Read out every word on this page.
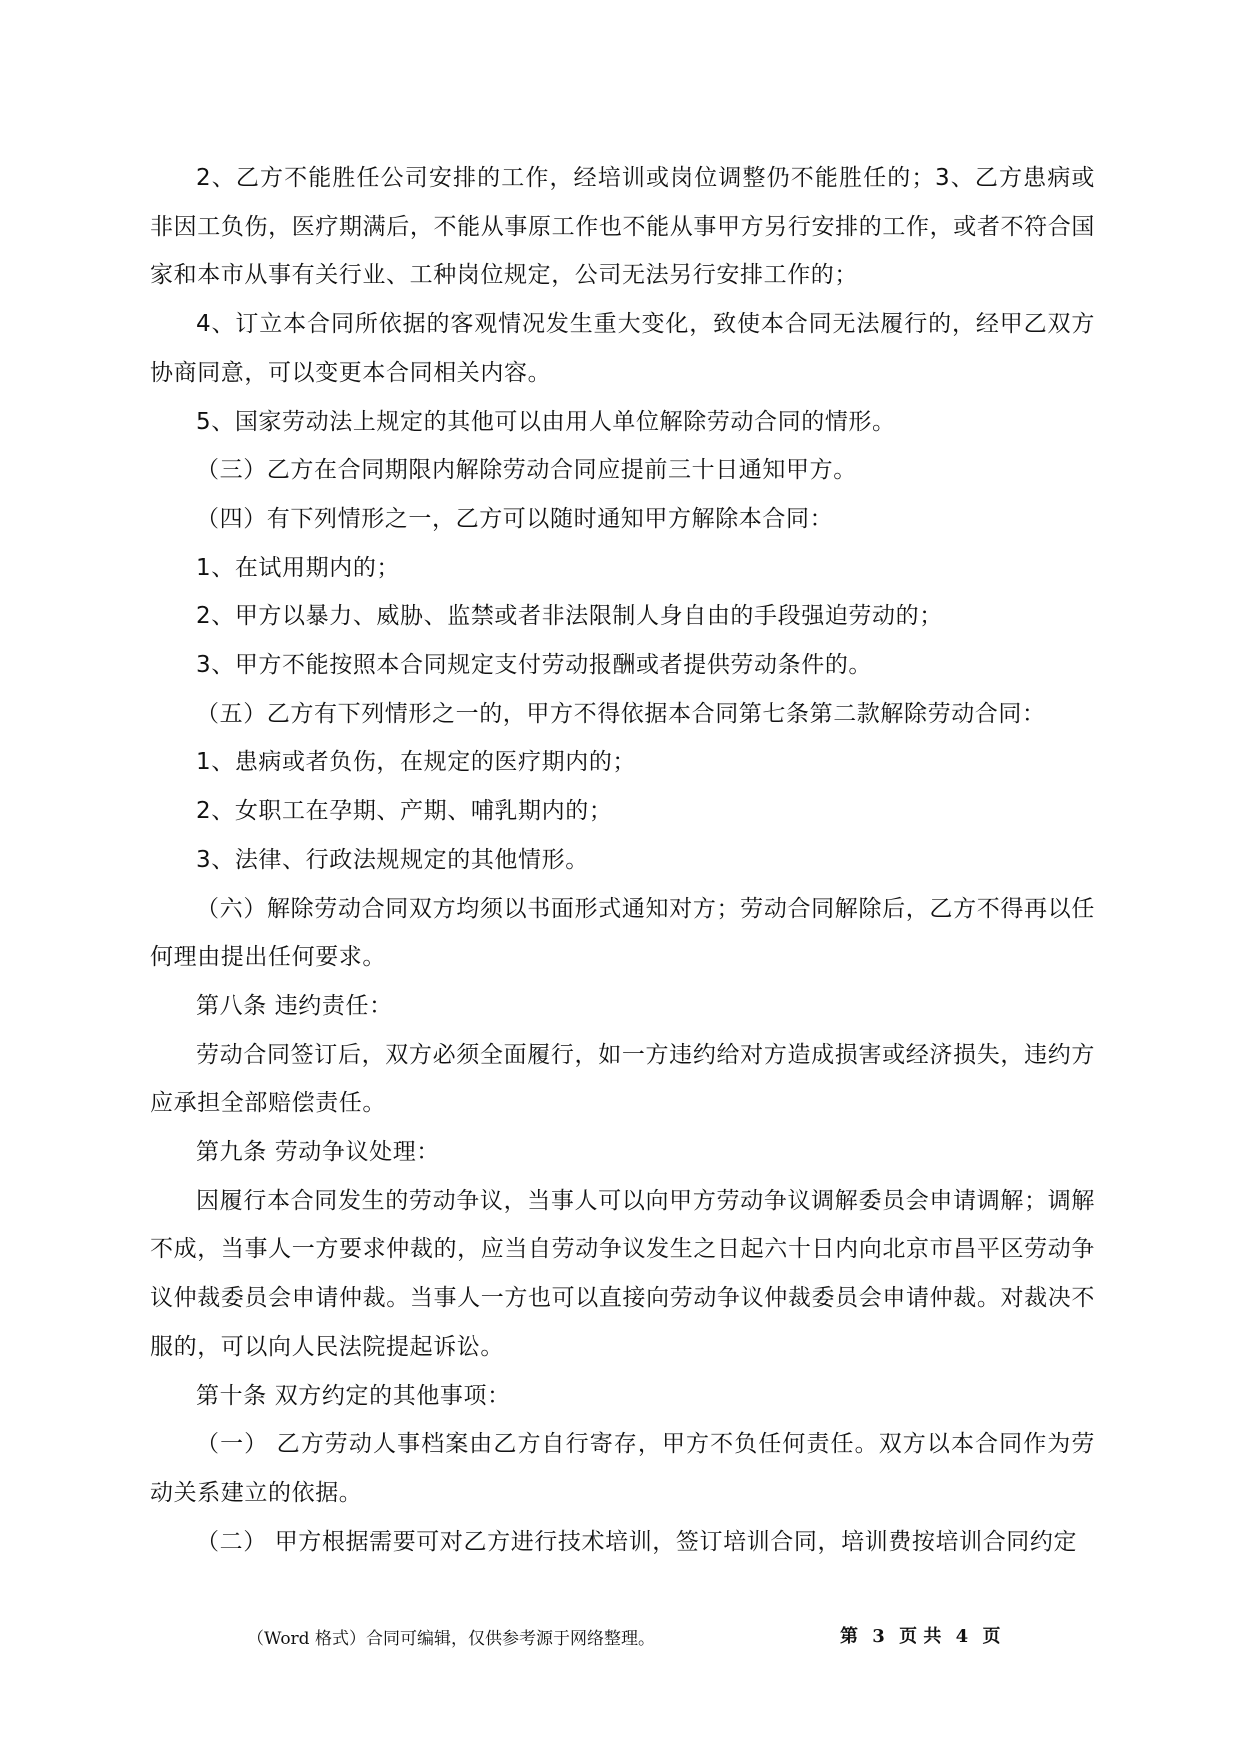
2、乙方不能胜任公司安排的工作，经培训或岗位调整仍不能胜任的；3、乙方患病或非因工负伤，医疗期满后，不能从事原工作也不能从事甲方另行安排的工作，或者不符合国家和本市从事有关行业、工种岗位规定，公司无法另行安排工作的；

4、订立本合同所依据的客观情况发生重大变化，致使本合同无法履行的，经甲乙双方协商同意，可以变更本合同相关内容。

5、国家劳动法上规定的其他可以由用人单位解除劳动合同的情形。

（三）乙方在合同期限内解除劳动合同应提前三十日通知甲方。

（四）有下列情形之一，乙方可以随时通知甲方解除本合同：

1、在试用期内的；

2、甲方以暴力、威胁、监禁或者非法限制人身自由的手段强迫劳动的；

3、甲方不能按照本合同规定支付劳动报酬或者提供劳动条件的。

（五）乙方有下列情形之一的，甲方不得依据本合同第七条第二款解除劳动合同：

1、患病或者负伤，在规定的医疗期内的；

2、女职工在孕期、产期、哺乳期内的；

3、法律、行政法规规定的其他情形。

（六）解除劳动合同双方均须以书面形式通知对方；劳动合同解除后，乙方不得再以任何理由提出任何要求。

第八条 违约责任：

劳动合同签订后，双方必须全面履行，如一方违约给对方造成损害或经济损失，违约方应承担全部赔偿责任。

第九条 劳动争议处理：

因履行本合同发生的劳动争议，当事人可以向甲方劳动争议调解委员会申请调解；调解不成，当事人一方要求仲裁的，应当自劳动争议发生之日起六十日内向北京市昌平区劳动争议仲裁委员会申请仲裁。当事人一方也可以直接向劳动争议仲裁委员会申请仲裁。对裁决不服的，可以向人民法院提起诉讼。

第十条 双方约定的其他事项：

（一） 乙方劳动人事档案由乙方自行寄存，甲方不负任何责任。双方以本合同作为劳动关系建立的依据。

（二） 甲方根据需要可对乙方进行技术培训，签订培训合同，培训费按培训合同约定

（Word 格式）合同可编辑，仅供参考源于网络整理。	第 3 页 共 4 页
